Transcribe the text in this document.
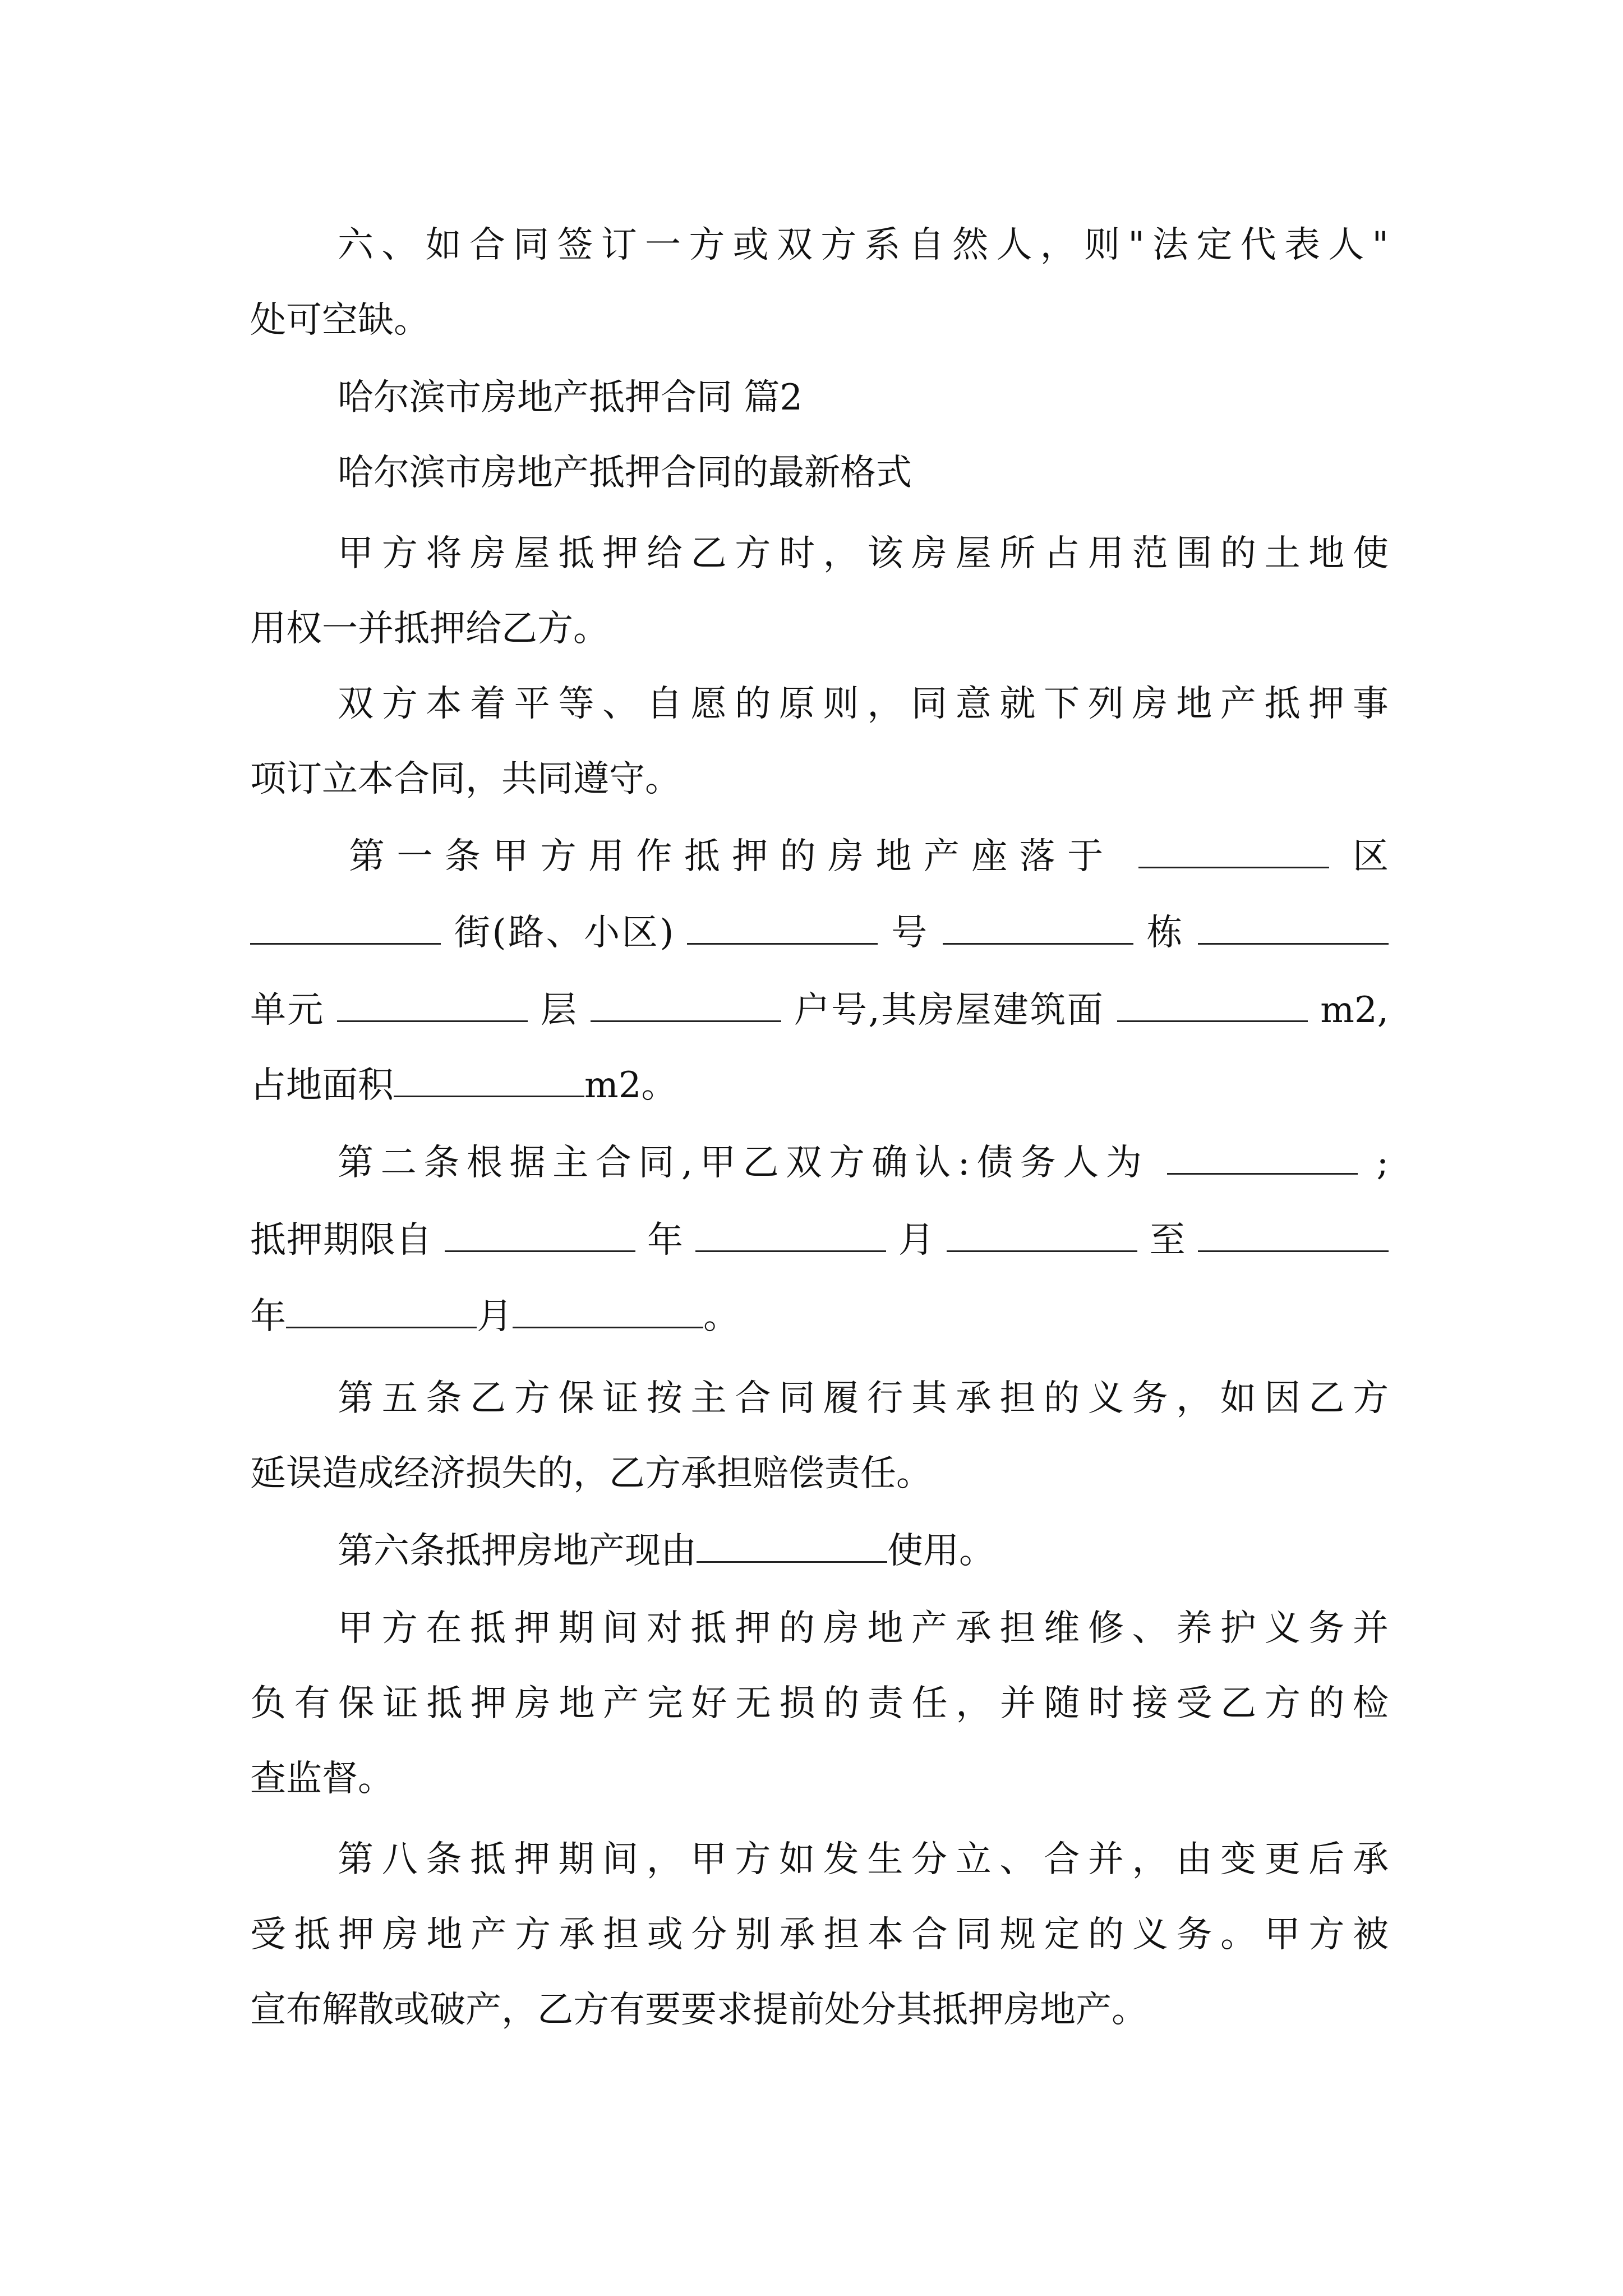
六、如合同签订一方或双方系自然人，则"法定代表人"
处可空缺。
哈尔滨市房地产抵押合同 篇2
哈尔滨市房地产抵押合同的最新格式
甲方将房屋抵押给乙方时，该房屋所占用范围的土地使
用权一并抵押给乙方。
双方本着平等、自愿的原则，同意就下列房地产抵押事
项订立本合同，共同遵守。
第一条甲方用作抵押的房地产座落于	区
街(路、小区)	号	栋
单元	层	户号,其房屋建筑面	m2,
占地面积	m2。
第二条根据主合同,甲乙双方确认:债务人为	;
抵押期限自	年	月	至
年	月	。
第五条乙方保证按主合同履行其承担的义务，如因乙方
延误造成经济损失的，乙方承担赔偿责任。
第六条抵押房地产现由	使用。
甲方在抵押期间对抵押的房地产承担维修、养护义务并
负有保证抵押房地产完好无损的责任，并随时接受乙方的检
查监督。
第八条抵押期间，甲方如发生分立、合并，由变更后承
受抵押房地产方承担或分别承担本合同规定的义务。甲方被
宣布解散或破产，乙方有要要求提前处分其抵押房地产。
